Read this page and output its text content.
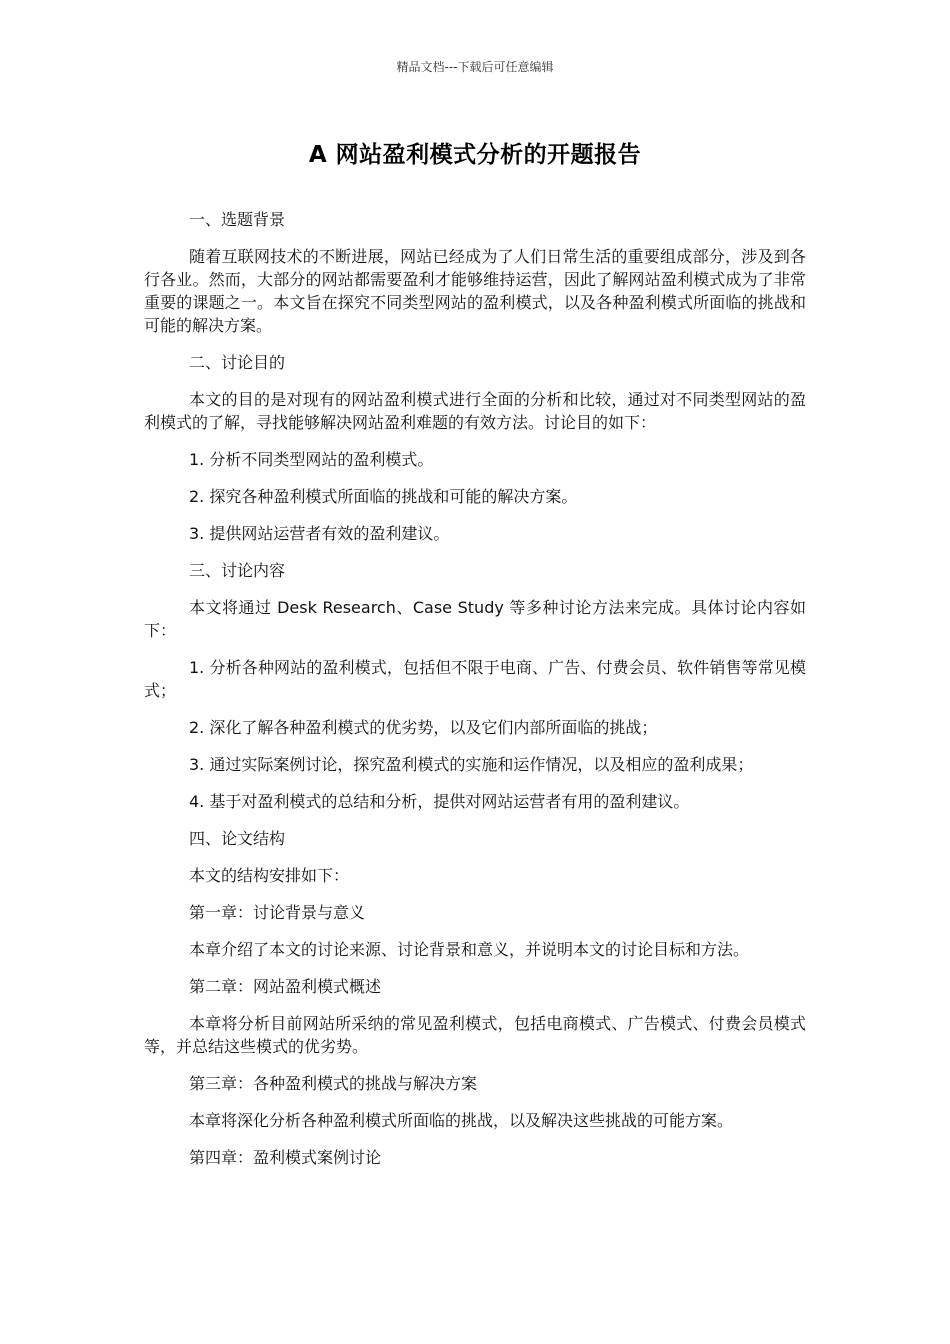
精品文档---下载后可任意编辑
A 网站盈利模式分析的开题报告

一、选题背景

随着互联网技术的不断进展，网站已经成为了人们日常生活的重要组成部分，涉及到各行各业。然而，大部分的网站都需要盈利才能够维持运营，因此了解网站盈利模式成为了非常重要的课题之一。本文旨在探究不同类型网站的盈利模式，以及各种盈利模式所面临的挑战和可能的解决方案。

二、讨论目的

本文的目的是对现有的网站盈利模式进行全面的分析和比较，通过对不同类型网站的盈利模式的了解，寻找能够解决网站盈利难题的有效方法。讨论目的如下：

1. 分析不同类型网站的盈利模式。

2. 探究各种盈利模式所面临的挑战和可能的解决方案。

3. 提供网站运营者有效的盈利建议。

三、讨论内容

本文将通过 Desk Research、Case Study 等多种讨论方法来完成。具体讨论内容如下：

1. 分析各种网站的盈利模式，包括但不限于电商、广告、付费会员、软件销售等常见模式；

2. 深化了解各种盈利模式的优劣势，以及它们内部所面临的挑战；

3. 通过实际案例讨论，探究盈利模式的实施和运作情况，以及相应的盈利成果；

4. 基于对盈利模式的总结和分析，提供对网站运营者有用的盈利建议。

四、论文结构

本文的结构安排如下：

第一章：讨论背景与意义

本章介绍了本文的讨论来源、讨论背景和意义，并说明本文的讨论目标和方法。

第二章：网站盈利模式概述

本章将分析目前网站所采纳的常见盈利模式，包括电商模式、广告模式、付费会员模式等，并总结这些模式的优劣势。

第三章：各种盈利模式的挑战与解决方案

本章将深化分析各种盈利模式所面临的挑战，以及解决这些挑战的可能方案。

第四章：盈利模式案例讨论
